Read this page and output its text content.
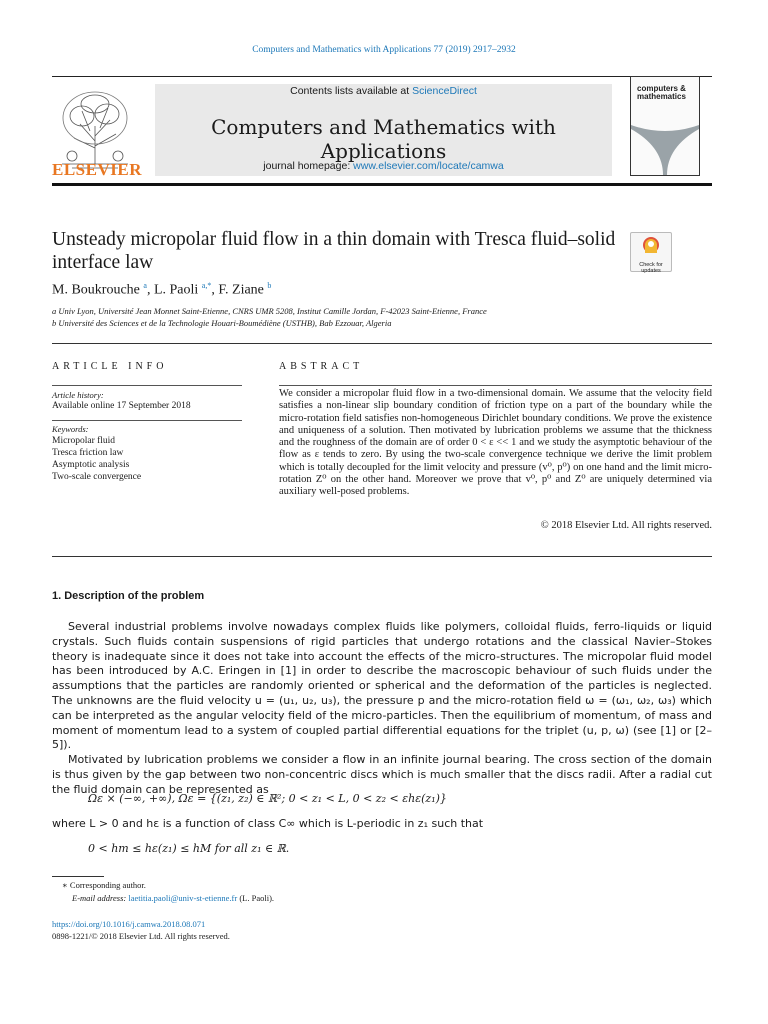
Computers and Mathematics with Applications 77 (2019) 2917–2932
ELSEVIER
Contents lists available at ScienceDirect
Computers and Mathematics with Applications
journal homepage: www.elsevier.com/locate/camwa
computers & mathematics
Unsteady micropolar fluid flow in a thin domain with Tresca fluid–solid interface law	Check for updates
M. Boukrouche $^a$, L. Paoli $^{a,*}$, F. Ziane $^b$
a Univ Lyon, Université Jean Monnet Saint-Etienne, CNRS UMR 5208, Institut Camille Jordan, F-42023 Saint-Etienne, France
b Université des Sciences et de la Technologie Houari-Boumédiène (USTHB), Bab Ezzouar, Algeria
ARTICLE INFO	ABSTRACT
Article history:
Available online 17 September 2018
Keywords:
Micropolar fluid
Tresca friction law
Asymptotic analysis
Two-scale convergence
We consider a micropolar fluid flow in a two-dimensional domain. We assume that the velocity field satisfies a non-linear slip boundary condition of friction type on a part of the boundary while the micro-rotation field satisfies non-homogeneous Dirichlet boundary conditions. We prove the existence and uniqueness of a solution. Then motivated by lubrication problems we assume that the thickness and the roughness of the domain are of order 0 < ε << 1 and we study the asymptotic behaviour of the flow as ε tends to zero. By using the two-scale convergence technique we derive the limit problem which is totally decoupled for the limit velocity and pressure (v⁰, p⁰) on one hand and the limit micro-rotation Z⁰ on the other hand. Moreover we prove that v⁰, p⁰ and Z⁰ are uniquely determined via auxiliary well-posed problems.
© 2018 Elsevier Ltd. All rights reserved.
1. Description of the problem

Several industrial problems involve nowadays complex fluids like polymers, colloidal fluids, ferro-liquids or liquid crystals. Such fluids contain suspensions of rigid particles that undergo rotations and the classical Navier–Stokes theory is inadequate since it does not take into account the effects of the micro-structures. The micropolar fluid model has been introduced by A.C. Eringen in [1] in order to describe the macroscopic behaviour of such fluids under the assumptions that the particles are randomly oriented or spherical and the deformation of the particles is neglected. The unknowns are the fluid velocity u = (u₁, u₂, u₃), the pressure p and the micro-rotation field ω = (ω₁, ω₂, ω₃) which can be interpreted as the angular velocity field of the micro-particles. Then the equilibrium of momentum, of mass and moment of momentum lead to a system of coupled partial differential equations for the triplet (u, p, ω) (see [1] or [2–5]).

Motivated by lubrication problems we consider a flow in an infinite journal bearing. The cross section of the domain is thus given by the gap between two non-concentric discs which is much smaller that the discs radii. After a radial cut the fluid domain can be represented as

Ωε × (−∞, +∞), Ωε = {(z₁, z₂) ∈ ℝ²; 0 < z₁ < L, 0 < z₂ < εhε(z₁)}
where L > 0 and hε is a function of class C∞ which is L-periodic in z₁ such that
0 < hm ≤ hε(z₁) ≤ hM for all z₁ ∈ ℝ.
∗ Corresponding author.
E-mail address: laetitia.paoli@univ-st-etienne.fr (L. Paoli).
https://doi.org/10.1016/j.camwa.2018.08.071
0898-1221/© 2018 Elsevier Ltd. All rights reserved.
